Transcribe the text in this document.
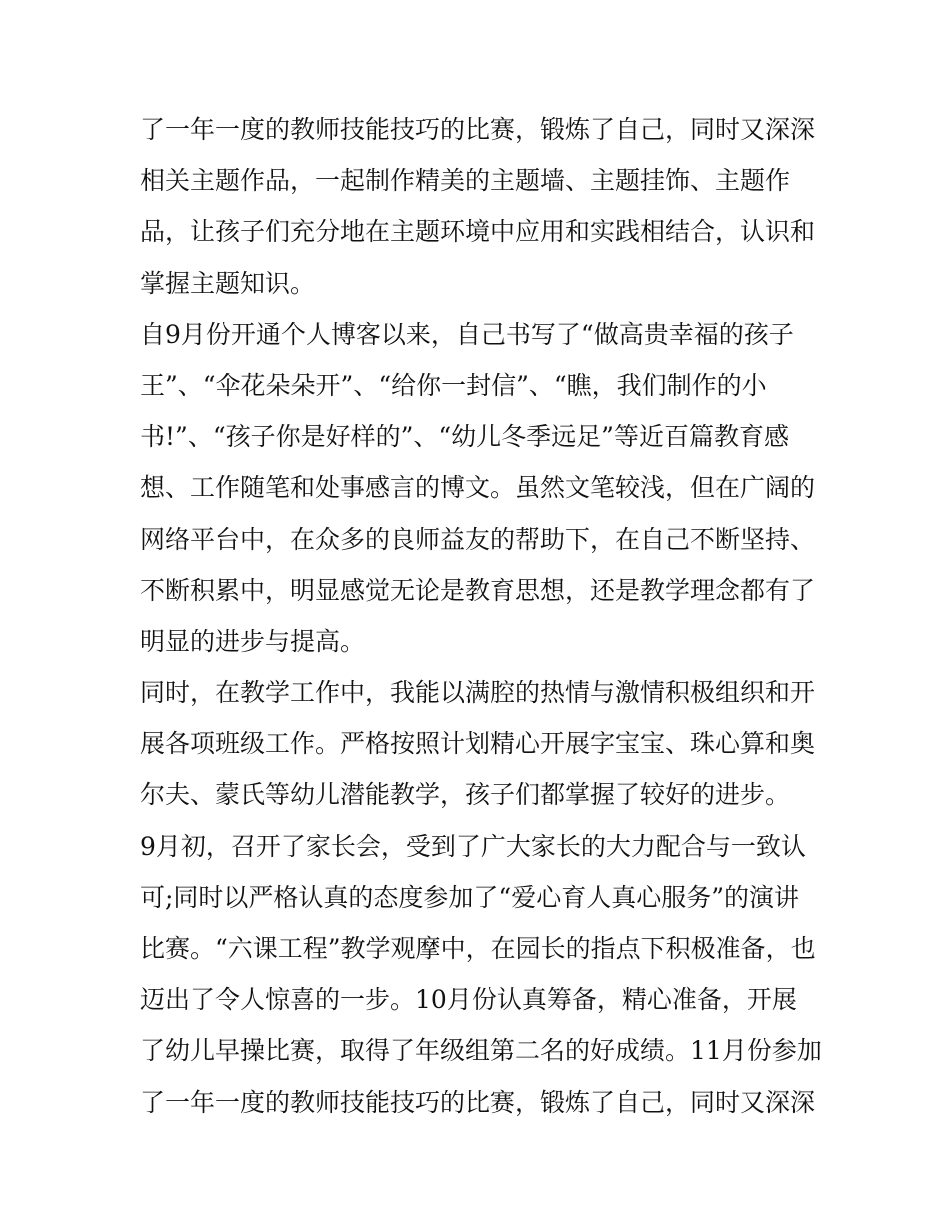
了一年一度的教师技能技巧的比赛，锻炼了自己，同时又深深
相关主题作品，一起制作精美的主题墙、主题挂饰、主题作
品，让孩子们充分地在主题环境中应用和实践相结合，认识和
掌握主题知识。
自9月份开通个人博客以来，自己书写了“做高贵幸福的孩子
王”、“伞花朵朵开”、“给你一封信”、“瞧，我们制作的小
书!”、“孩子你是好样的”、“幼儿冬季远足”等近百篇教育感
想、工作随笔和处事感言的博文。虽然文笔较浅，但在广阔的
网络平台中，在众多的良师益友的帮助下，在自己不断坚持、
不断积累中，明显感觉无论是教育思想，还是教学理念都有了
明显的进步与提高。
同时，在教学工作中，我能以满腔的热情与激情积极组织和开
展各项班级工作。严格按照计划精心开展字宝宝、珠心算和奥
尔夫、蒙氏等幼儿潜能教学，孩子们都掌握了较好的进步。
9月初，召开了家长会，受到了广大家长的大力配合与一致认
可;同时以严格认真的态度参加了“爱心育人真心服务”的演讲
比赛。“六课工程”教学观摩中，在园长的指点下积极准备，也
迈出了令人惊喜的一步。10月份认真筹备，精心准备，开展
了幼儿早操比赛，取得了年级组第二名的好成绩。11月份参加
了一年一度的教师技能技巧的比赛，锻炼了自己，同时又深深
